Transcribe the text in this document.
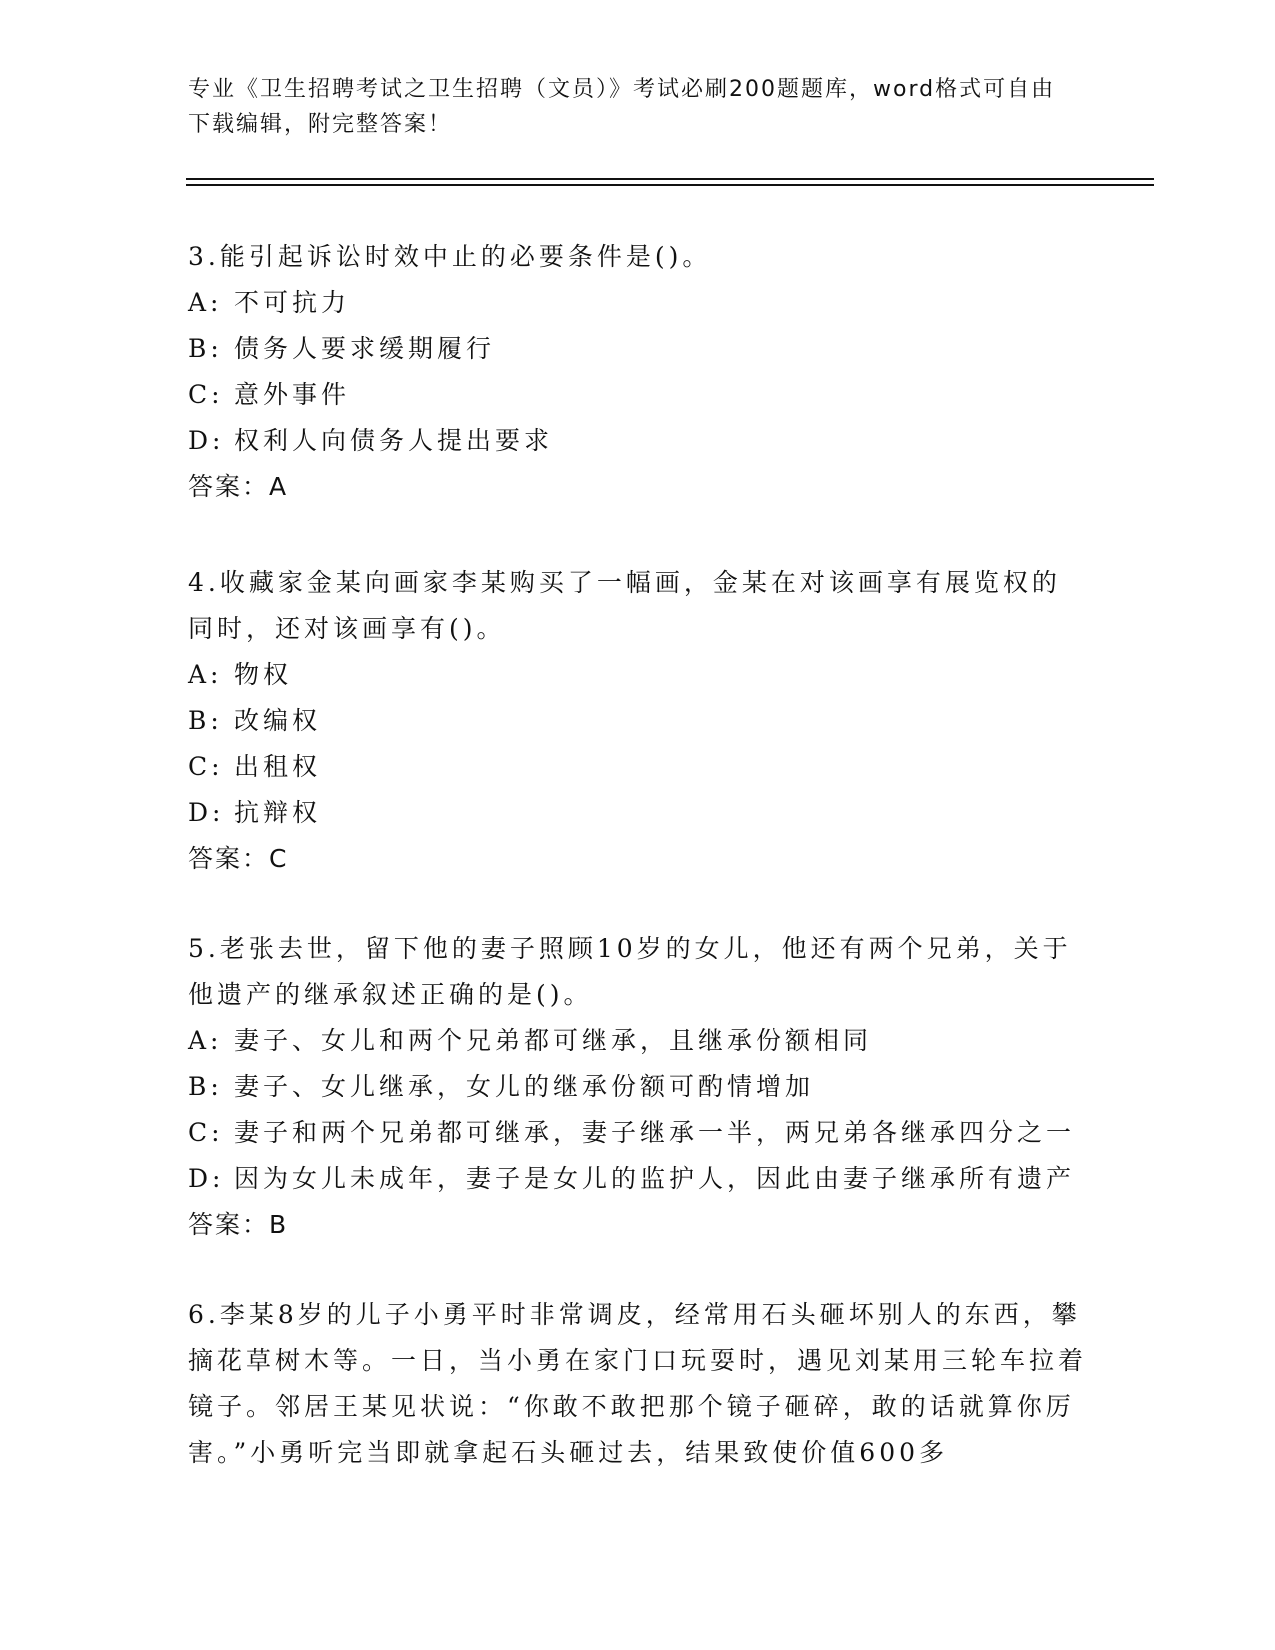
专业《卫生招聘考试之卫生招聘（文员）》考试必刷200题题库，word格式可自由下载编辑，附完整答案！
3.能引起诉讼时效中止的必要条件是()。
A: 不可抗力
B: 债务人要求缓期履行
C: 意外事件
D: 权利人向债务人提出要求
答案：A
4.收藏家金某向画家李某购买了一幅画，金某在对该画享有展览权的同时，还对该画享有()。
A: 物权
B: 改编权
C: 出租权
D: 抗辩权
答案：C
5.老张去世，留下他的妻子照顾10岁的女儿，他还有两个兄弟，关于他遗产的继承叙述正确的是()。
A: 妻子、女儿和两个兄弟都可继承，且继承份额相同
B: 妻子、女儿继承，女儿的继承份额可酌情增加
C: 妻子和两个兄弟都可继承，妻子继承一半，两兄弟各继承四分之一
D: 因为女儿未成年，妻子是女儿的监护人，因此由妻子继承所有遗产
答案：B
6.李某8岁的儿子小勇平时非常调皮，经常用石头砸坏别人的东西，攀摘花草树木等。一日，当小勇在家门口玩耍时，遇见刘某用三轮车拉着镜子。邻居王某见状说：“你敢不敢把那个镜子砸碎，敢的话就算你厉害。”小勇听完当即就拿起石头砸过去，结果致使价值600多
